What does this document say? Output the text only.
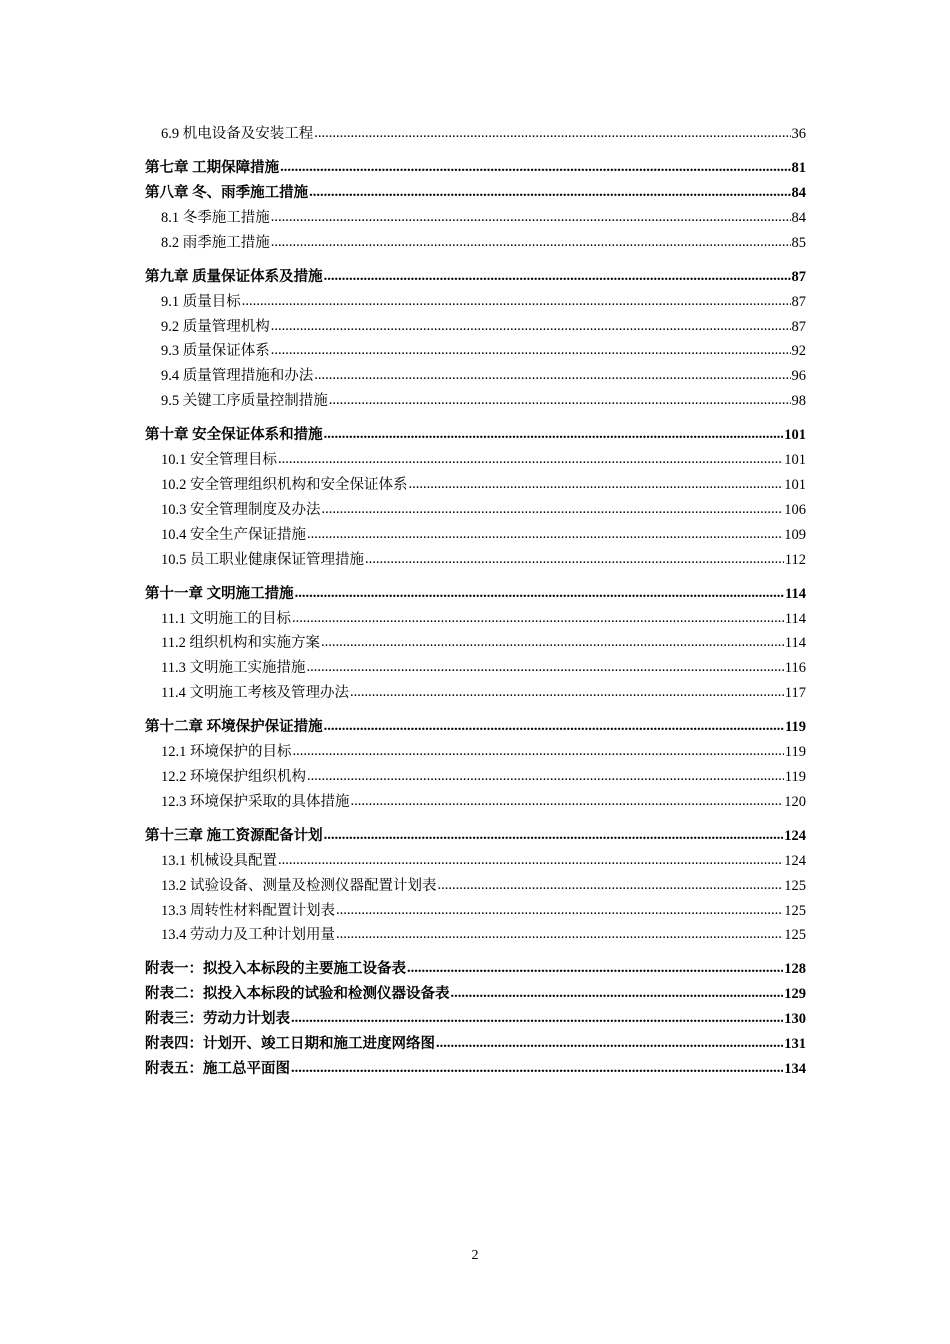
6.9 机电设备及安装工程 .....	36
第七章 工期保障措施 .....	81
第八章 冬、雨季施工措施 .....	84
8.1 冬季施工措施 .....	84
8.2 雨季施工措施 .....	85
第九章 质量保证体系及措施 .....	87
9.1 质量目标 .....	87
9.2 质量管理机构 .....	87
9.3 质量保证体系 .....	92
9.4 质量管理措施和办法 .....	96
9.5 关键工序质量控制措施 .....	98
第十章 安全保证体系和措施 .....	101
10.1 安全管理目标 .....	101
10.2 安全管理组织机构和安全保证体系 .....	101
10.3 安全管理制度及办法 .....	106
10.4 安全生产保证措施 .....	109
10.5 员工职业健康保证管理措施 .....	112
第十一章 文明施工措施 .....	114
11.1 文明施工的目标 .....	114
11.2 组织机构和实施方案 .....	114
11.3 文明施工实施措施 .....	116
11.4 文明施工考核及管理办法 .....	117
第十二章 环境保护保证措施 .....	119
12.1 环境保护的目标 .....	119
12.2 环境保护组织机构 .....	119
12.3 环境保护采取的具体措施 .....	120
第十三章 施工资源配备计划 .....	124
13.1 机械设具配置 .....	124
13.2 试验设备、测量及检测仪器配置计划表 .....	125
13.3 周转性材料配置计划表 .....	125
13.4 劳动力及工种计划用量 .....	125
附表一：拟投入本标段的主要施工设备表 .....	128
附表二：拟投入本标段的试验和检测仪器设备表 .....	129
附表三：劳动力计划表 .....	130
附表四：计划开、竣工日期和施工进度网络图 .....	131
附表五：施工总平面图 .....	134
2
